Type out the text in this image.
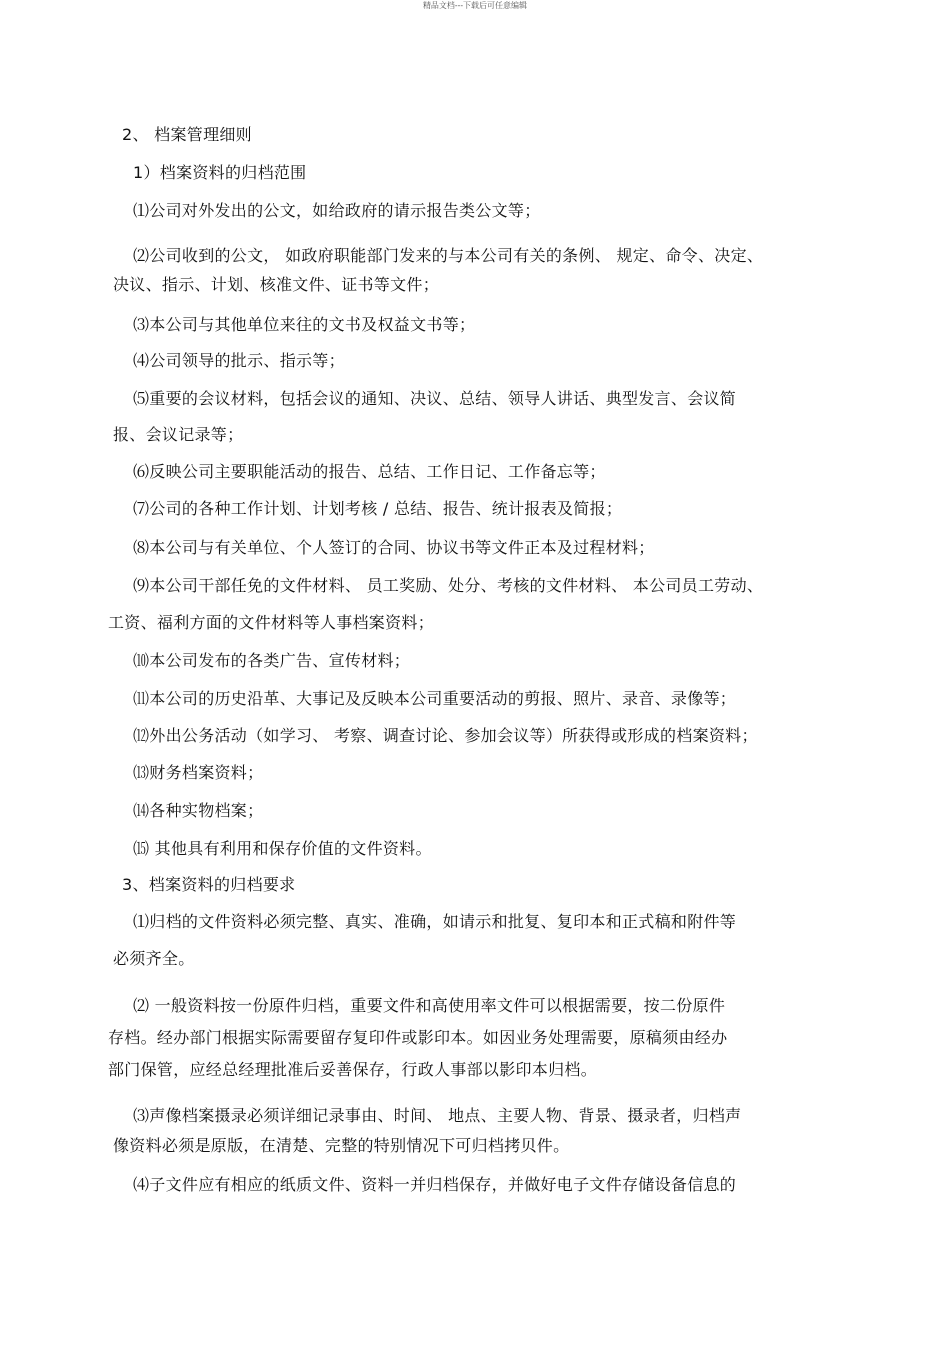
精品文档---下载后可任意编辑
2、 档案管理细则
1）档案资料的归档范围
⑴公司对外发出的公文，如给政府的请示报告类公文等；
⑵公司收到的公文， 如政府职能部门发来的与本公司有关的条例、 规定、命令、决定、
决议、指示、计划、核准文件、证书等文件；
⑶本公司与其他单位来往的文书及权益文书等；
⑷公司领导的批示、指示等；
⑸重要的会议材料，包括会议的通知、决议、总结、领导人讲话、典型发言、会议简
报、会议记录等；
⑹反映公司主要职能活动的报告、总结、工作日记、工作备忘等；
⑺公司的各种工作计划、计划考核 / 总结、报告、统计报表及简报；
⑻本公司与有关单位、个人签订的合同、协议书等文件正本及过程材料；
⑼本公司干部任免的文件材料、 员工奖励、处分、考核的文件材料、 本公司员工劳动、
工资、福利方面的文件材料等人事档案资料；
⑽本公司发布的各类广告、宣传材料；
⑾本公司的历史沿革、大事记及反映本公司重要活动的剪报、照片、录音、录像等；
⑿外出公务活动（如学习、 考察、调查讨论、参加会议等）所获得或形成的档案资料；
⒀财务档案资料；
⒁各种实物档案；
⒂ 其他具有利用和保存价值的文件资料。
3、档案资料的归档要求
⑴归档的文件资料必须完整、真实、准确，如请示和批复、复印本和正式稿和附件等
必须齐全。
⑵ 一般资料按一份原件归档，重要文件和高使用率文件可以根据需要，按二份原件
存档。经办部门根据实际需要留存复印件或影印本。如因业务处理需要，原稿须由经办
部门保管，应经总经理批准后妥善保存，行政人事部以影印本归档。
⑶声像档案摄录必须详细记录事由、时间、 地点、主要人物、背景、摄录者，归档声
像资料必须是原版，在清楚、完整的特别情况下可归档拷贝件。
⑷子文件应有相应的纸质文件、资料一并归档保存，并做好电子文件存储设备信息的
